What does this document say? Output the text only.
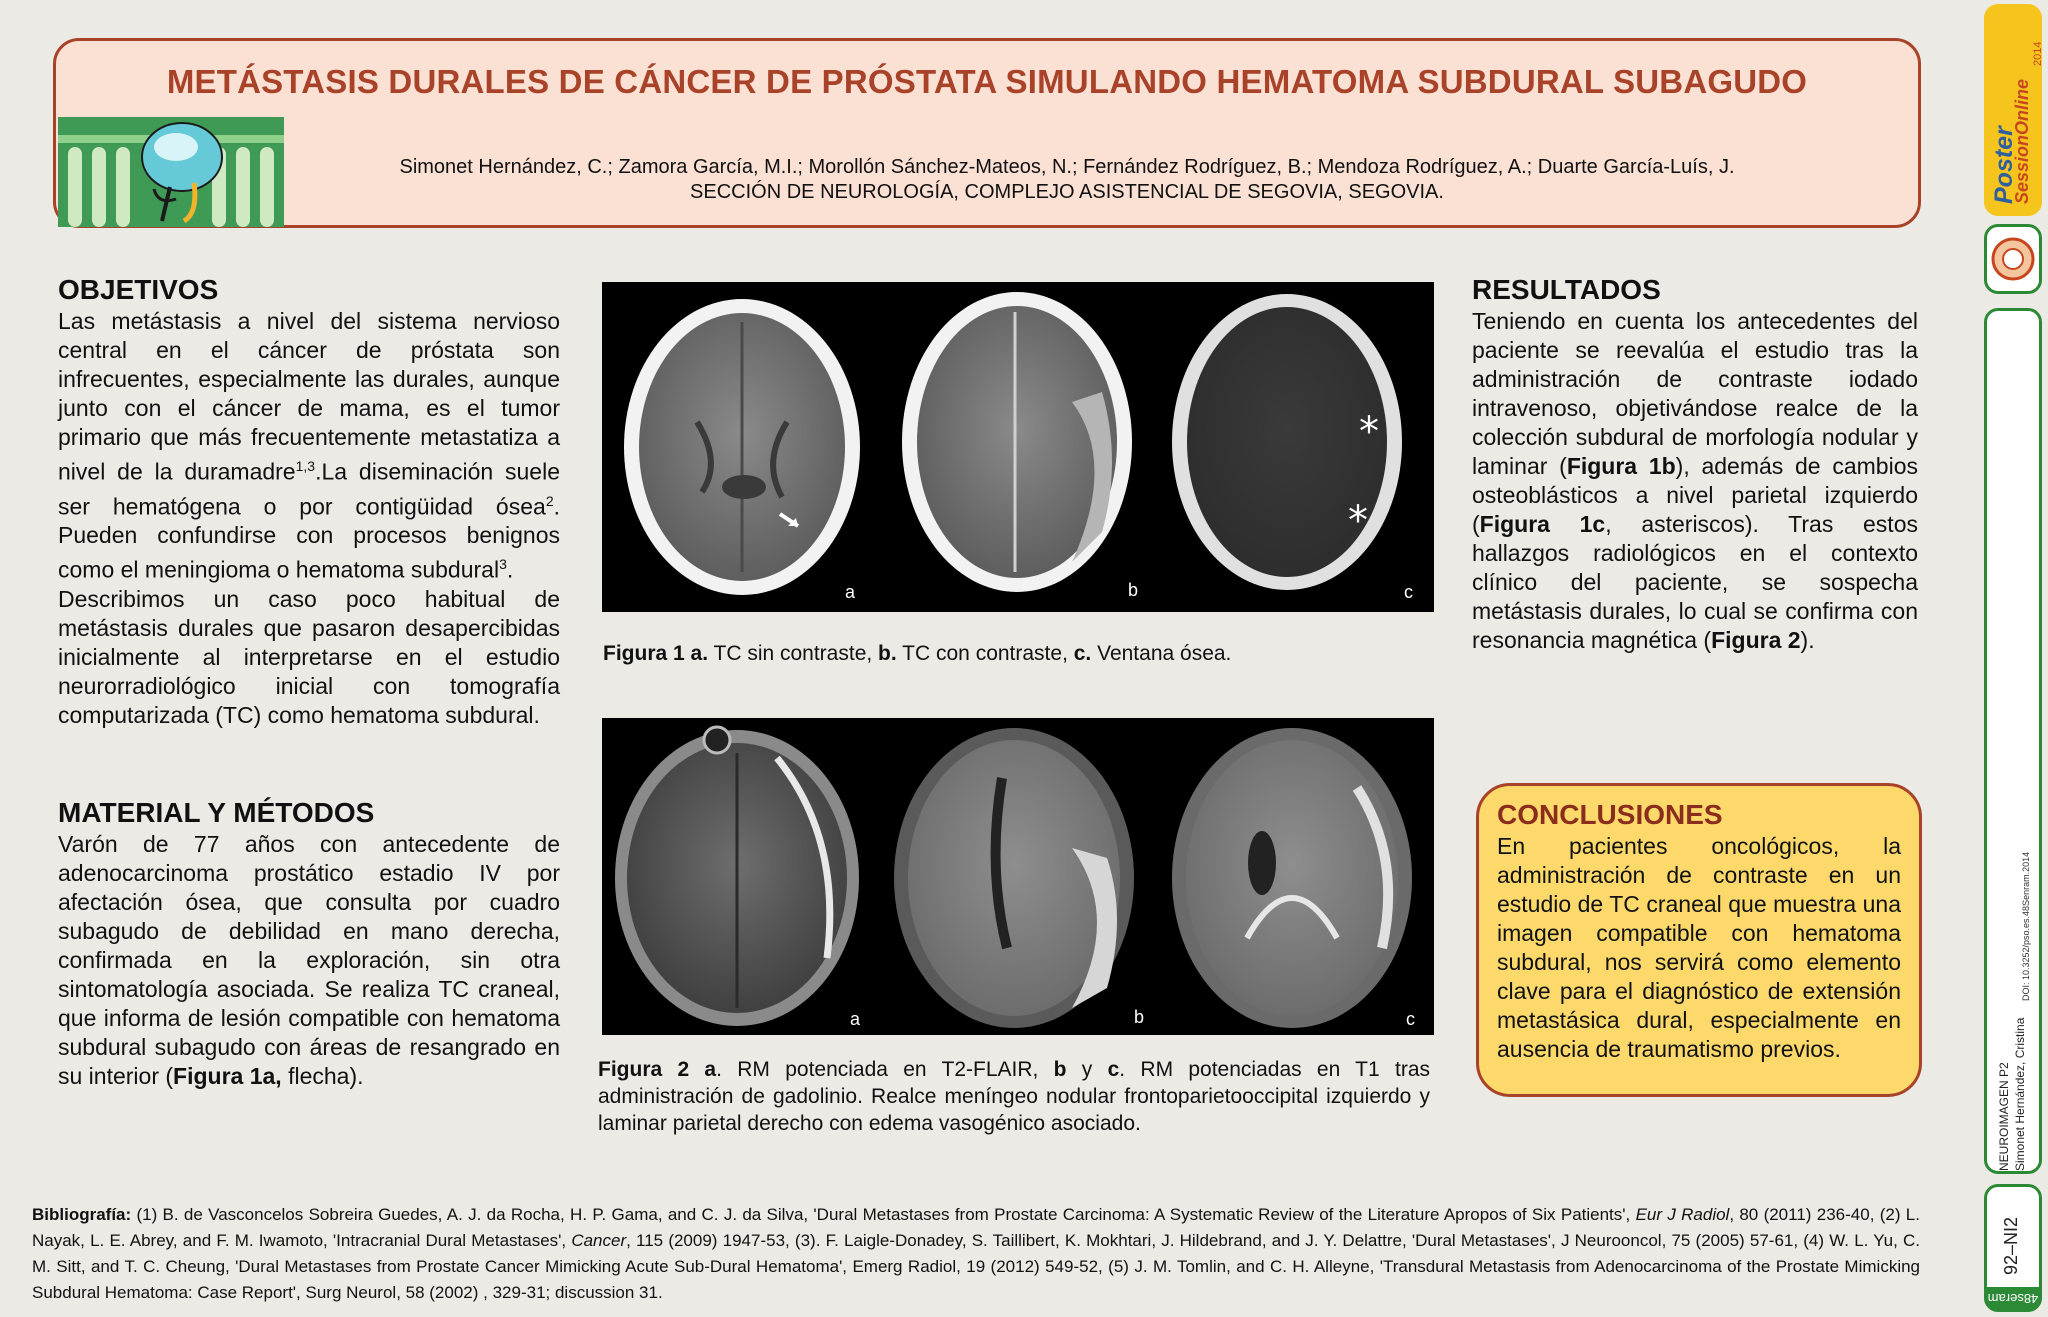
METÁSTASIS DURALES DE CÁNCER DE PRÓSTATA SIMULANDO HEMATOMA SUBDURAL SUBAGUDO
Simonet Hernández, C.; Zamora García, M.I.; Morollón Sánchez-Mateos, N.; Fernández Rodríguez, B.; Mendoza Rodríguez, A.; Duarte García-Luís, J.
SECCIÓN DE NEUROLOGÍA, COMPLEJO ASISTENCIAL DE SEGOVIA, SEGOVIA.
OBJETIVOS

Las metástasis a nivel del sistema nervioso central en el cáncer de próstata son infrecuentes, especialmente las durales, aunque junto con el cáncer de mama, es el tumor primario que más frecuentemente metastatiza a nivel de la duramadre$^{1,3}$.La diseminación suele ser hematógena o por contigüidad ósea$^2$. Pueden confundirse con procesos benignos como el meningioma o hematoma subdural$^3$.

Describimos un caso poco habitual de metástasis durales que pasaron desapercibidas inicialmente al interpretarse en el estudio neurorradiológico inicial con tomografía computarizada (TC) como hematoma subdural.

MATERIAL Y MÉTODOS

Varón de 77 años con antecedente de adenocarcinoma prostático estadio IV por afectación ósea, que consulta por cuadro subagudo de debilidad en mano derecha, confirmada en la exploración, sin otra sintomatología asociada. Se realiza TC craneal, que informa de lesión compatible con hematoma subdural subagudo con áreas de resangrado en su interior (Figura 1a, flecha).

*
*
a	b	c
Figura 1 a. TC sin contraste, b. TC con contraste, c. Ventana ósea.
a	b	c
Figura 2 a. RM potenciada en T2-FLAIR, b y c. RM potenciadas en T1 tras administración de gadolinio. Realce meníngeo nodular frontoparietooccipital izquierdo y laminar parietal derecho con edema vasogénico asociado.
RESULTADOS

Teniendo en cuenta los antecedentes del paciente se reevalúa el estudio tras la administración de contraste iodado intravenoso, objetivándose realce de la colección subdural de morfología nodular y laminar (Figura 1b), además de cambios osteoblásticos a nivel parietal izquierdo (Figura 1c, asteriscos). Tras estos hallazgos radiológicos en el contexto clínico del paciente, se sospecha metástasis durales, lo cual se confirma con resonancia magnética (Figura 2).

CONCLUSIONES

En pacientes oncológicos, la administración de contraste en un estudio de TC craneal que muestra una imagen compatible con hematoma subdural, nos servirá como elemento clave para el diagnóstico de extensión metastásica dural, especialmente en ausencia de traumatismo previos.

Bibliografía: (1) B. de Vasconcelos Sobreira Guedes, A. J. da Rocha, H. P. Gama, and C. J. da Silva, 'Dural Metastases from Prostate Carcinoma: A Systematic Review of the Literature Apropos of Six Patients', Eur J Radiol, 80 (2011) 236-40, (2) L. Nayak, L. E. Abrey, and F. M. Iwamoto, 'Intracranial Dural Metastases', Cancer, 115 (2009) 1947-53, (3). F. Laigle-Donadey, S. Taillibert, K. Mokhtari, J. Hildebrand, and J. Y. Delattre, 'Dural Metastases', J Neurooncol, 75 (2005) 57-61, (4) W. L. Yu, C. M. Sitt, and T. C. Cheung, 'Dural Metastases from Prostate Cancer Mimicking Acute Sub-Dural Hematoma', Emerg Radiol, 19 (2012) 549-52, (5) J. M. Tomlin, and C. H. Alleyne, 'Transdural Metastasis from Adenocarcinoma of the Prostate Mimicking Subdural Hematoma: Case Report', Surg Neurol, 58 (2002) , 329-31; discussion 31.
Poster
SessionOnline
2014
DOI: 10.3252/pso.es.48Senram.2014
NEUROIMAGEN P2 Simonet Hernández, Cristina
92–NI2
48seram
